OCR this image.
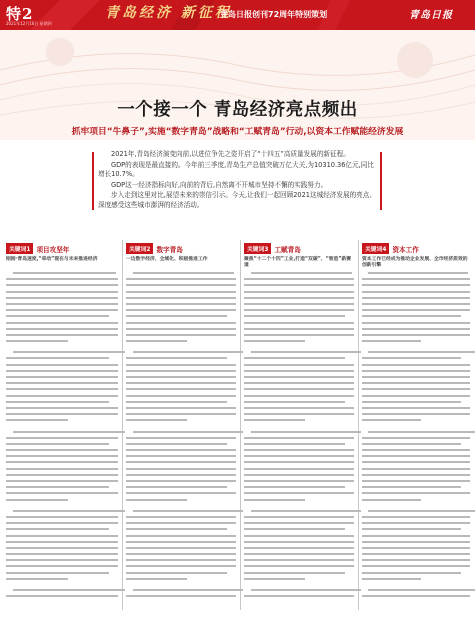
特2	青岛经济 新征程
青岛日报创刊72周年特别策划	青岛日报
2021年12月16日 星期四
一个接一个 青岛经济亮点频出
抓牢项目“牛鼻子”,实施“数字青岛”战略和“工赋青岛”行动,以资本工作赋能经济发展

2021年,青岛经济演变向前,以进位争先之姿开启了“十四五”高质量发展的新征程。

GDP的表现是最直接的。今年前三季度,青岛生产总值突破万亿大关,为10310.36亿元,同比增长10.7%。

GDP这一经济指标向好,向前的背后,自然离不开城市坚持不懈的实践努力。

步入走到这里对比,展望未来的崇信引示。今天,让我们一起回顾2021这城经济发展的亮点、深度感受这些城市澎湃的经济活动。

关键词1 项目攻坚年
刚刚·青岛速度,“牵动”现在与未来推进经济
关键词2 数字青岛
一边数字经济、全域化、积极推进工作
关键词3 工赋青岛
聚焦“十二个十四”工业,打造“双碳”、“智造”新赛道
关键词4 资本工作
资本工作已经成为推动企业发展、全市经济质效的创新引擎
